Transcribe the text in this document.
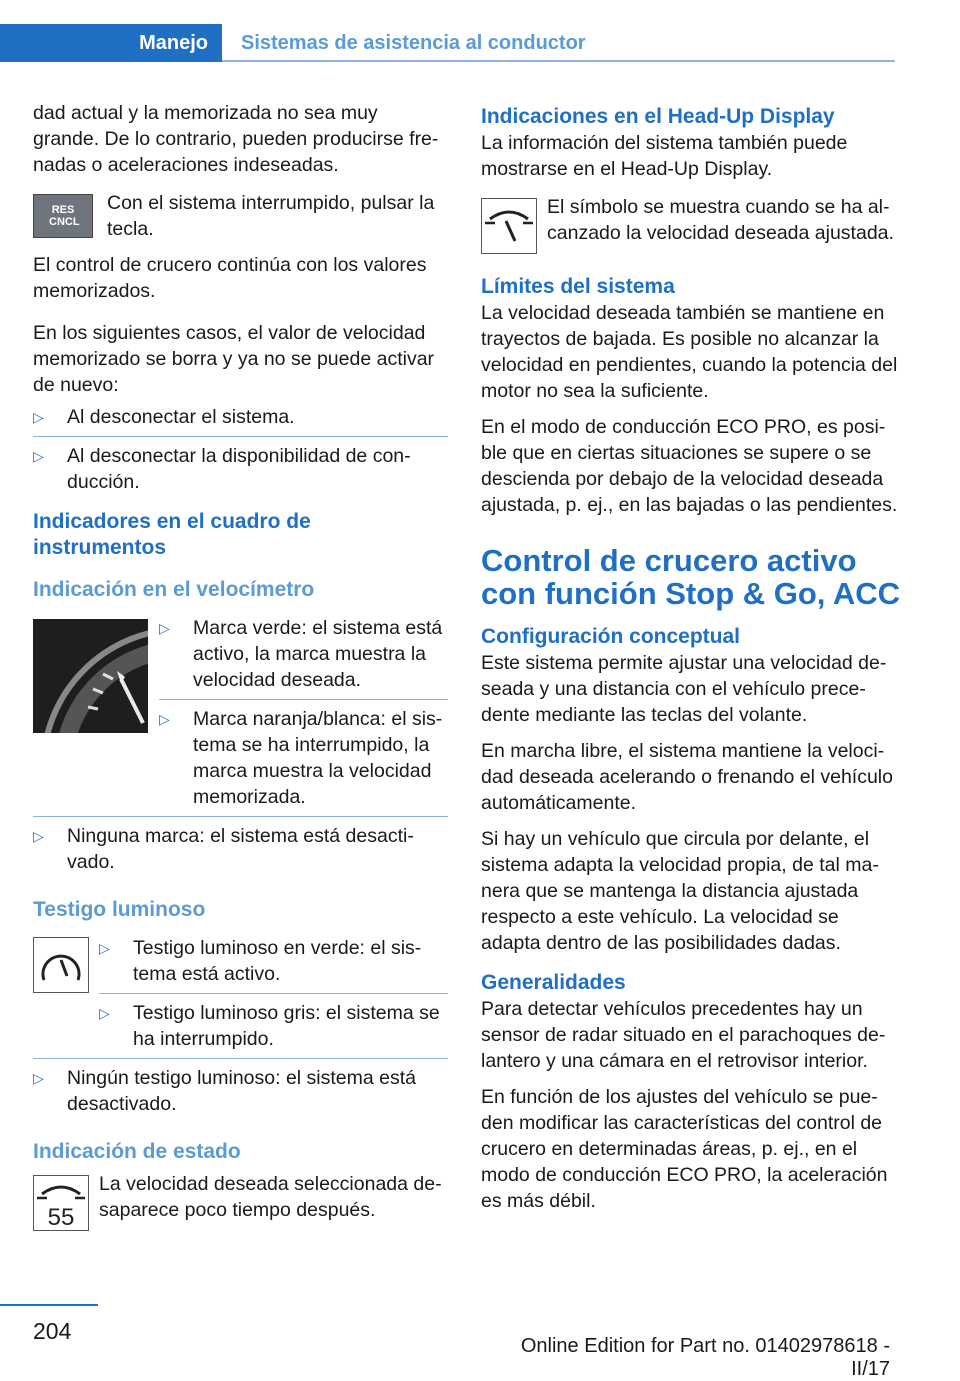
Manejo	Sistemas de asistencia al conductor

dad actual y la memorizada no sea muy grande. De lo contrario, pueden producirse fre‐ nadas o aceleraciones indeseadas.

RES CNCL

Con el sistema interrumpido, pulsar la tecla.

El control de crucero continúa con los valores memorizados.

En los siguientes casos, el valor de velocidad memorizado se borra y ya no se puede activar de nuevo:

▷ Al desconectar el sistema.
▷ Al desconectar la disponibilidad de con‐ ducción.
Indicadores en el cuadro de instrumentos
Indicación en el velocímetro
▷ Marca verde: el sistema está activo, la marca muestra la velocidad deseada.
▷ Marca naranja/blanca: el sis‐ tema se ha interrumpido, la marca muestra la velocidad memorizada.
▷ Ninguna marca: el sistema está desacti‐ vado.
Testigo luminoso
▷ Testigo luminoso en verde: el sis‐ tema está activo.
▷ Testigo luminoso gris: el sistema se ha interrumpido.
▷ Ningún testigo luminoso: el sistema está desactivado.
Indicación de estado
55

La velocidad deseada seleccionada de‐ saparece poco tiempo después.

Indicaciones en el Head-Up Display

La información del sistema también puede mostrarse en el Head-Up Display.

El símbolo se muestra cuando se ha al‐ canzado la velocidad deseada ajustada.

Límites del sistema

La velocidad deseada también se mantiene en trayectos de bajada. Es posible no alcanzar la velocidad en pendientes, cuando la potencia del motor no sea la suficiente.

En el modo de conducción ECO PRO, es posi‐ ble que en ciertas situaciones se supere o se descienda por debajo de la velocidad deseada ajustada, p. ej., en las bajadas o las pendientes.

Control de crucero activo con función Stop & Go, ACC
Configuración conceptual

Este sistema permite ajustar una velocidad de‐ seada y una distancia con el vehículo prece‐ dente mediante las teclas del volante.

En marcha libre, el sistema mantiene la veloci‐ dad deseada acelerando o frenando el vehículo automáticamente.

Si hay un vehículo que circula por delante, el sistema adapta la velocidad propia, de tal ma‐ nera que se mantenga la distancia ajustada respecto a este vehículo. La velocidad se adapta dentro de las posibilidades dadas.

Generalidades

Para detectar vehículos precedentes hay un sensor de radar situado en el parachoques de‐ lantero y una cámara en el retrovisor interior.

En función de los ajustes del vehículo se pue‐ den modificar las características del control de crucero en determinadas áreas, p. ej., en el modo de conducción ECO PRO, la aceleración es más débil.

204
Online Edition for Part no. 01402978618 - II/17
